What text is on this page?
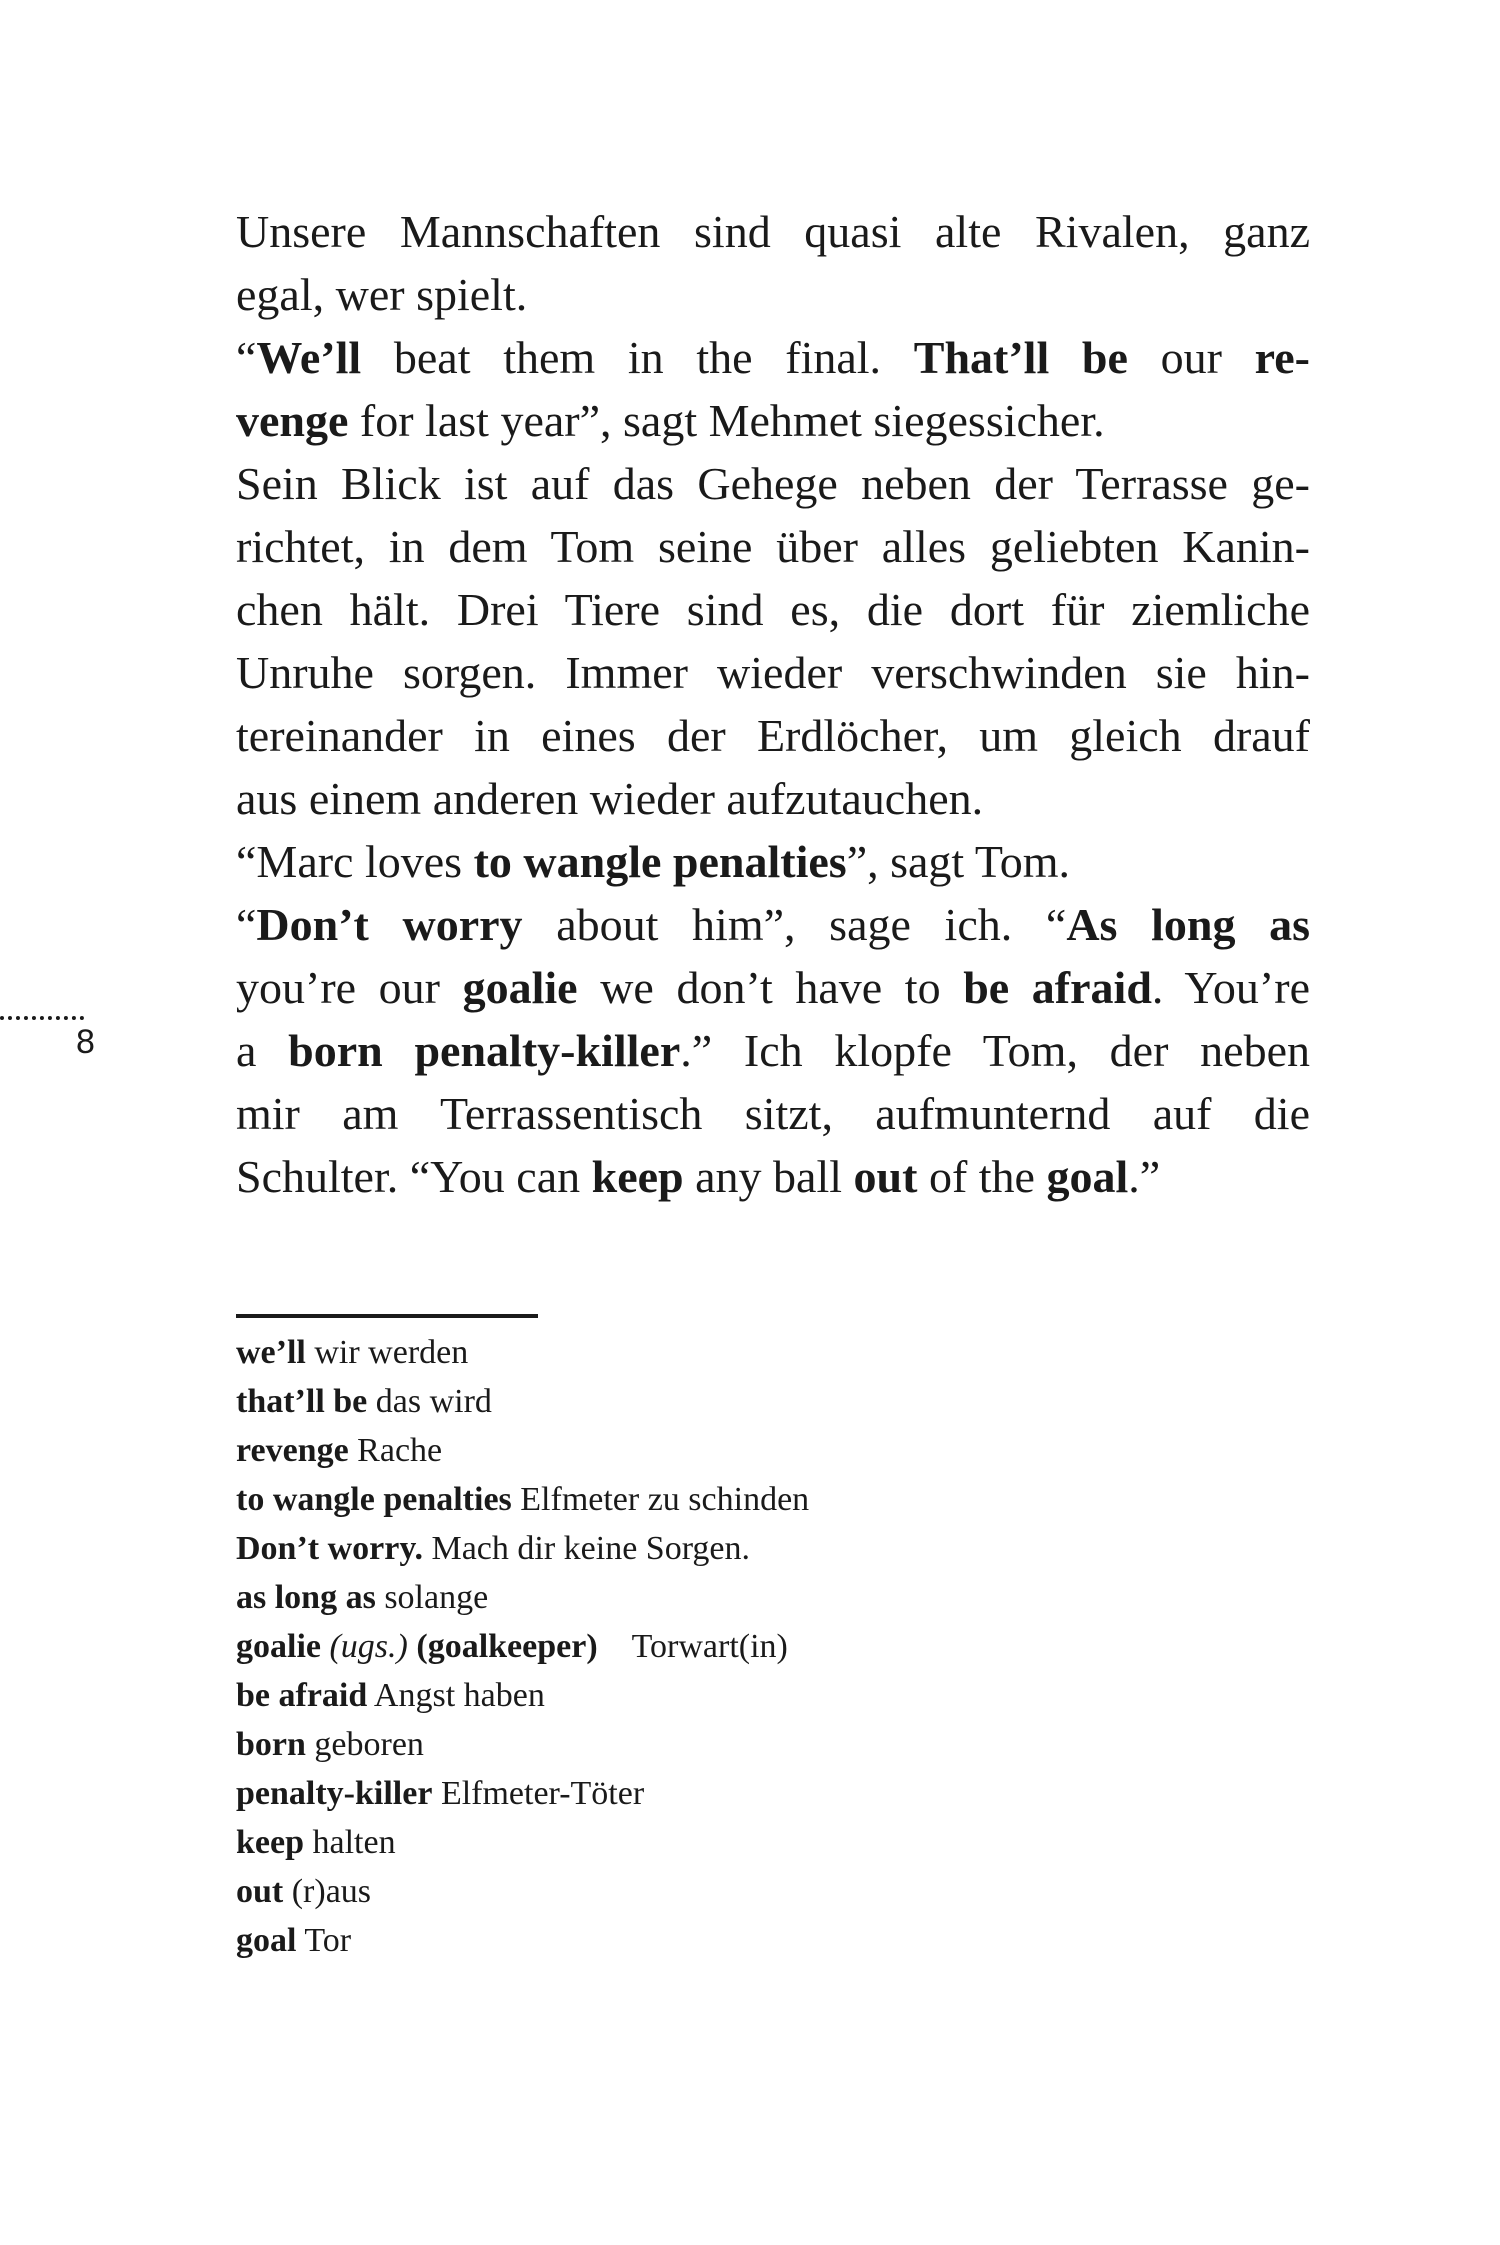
Unsere Mannschaften sind quasi alte Rivalen, ganz
egal, wer spielt.
“We’ll beat them in the final. That’ll be our re-
venge for last year”, sagt Mehmet siegessicher.
Sein Blick ist auf das Gehege neben der Terrasse ge-
richtet, in dem Tom seine über alles geliebten Kanin-
chen hält. Drei Tiere sind es, die dort für ziemliche
Unruhe sorgen. Immer wieder verschwinden sie hin-
tereinander in eines der Erdlöcher, um gleich drauf
aus einem anderen wieder aufzutauchen.
“Marc loves to wangle penalties”, sagt Tom.
“Don’t worry about him”, sage ich. “As long as
you’re our goalie we don’t have to be afraid. You’re
a born penalty-killer.” Ich klopfe Tom, der neben
mir am Terrassentisch sitzt, aufmunternd auf die
Schulter. “You can keep any ball out of the goal.”
8
we’ll wir werden
that’ll be das wird
revenge Rache
to wangle penalties Elfmeter zu schinden
Don’t worry. Mach dir keine Sorgen.
as long as solange
goalie (ugs.) (goalkeeper)  Torwart(in)
be afraid Angst haben
born geboren
penalty-killer Elfmeter-Töter
keep halten
out (r)aus
goal Tor
